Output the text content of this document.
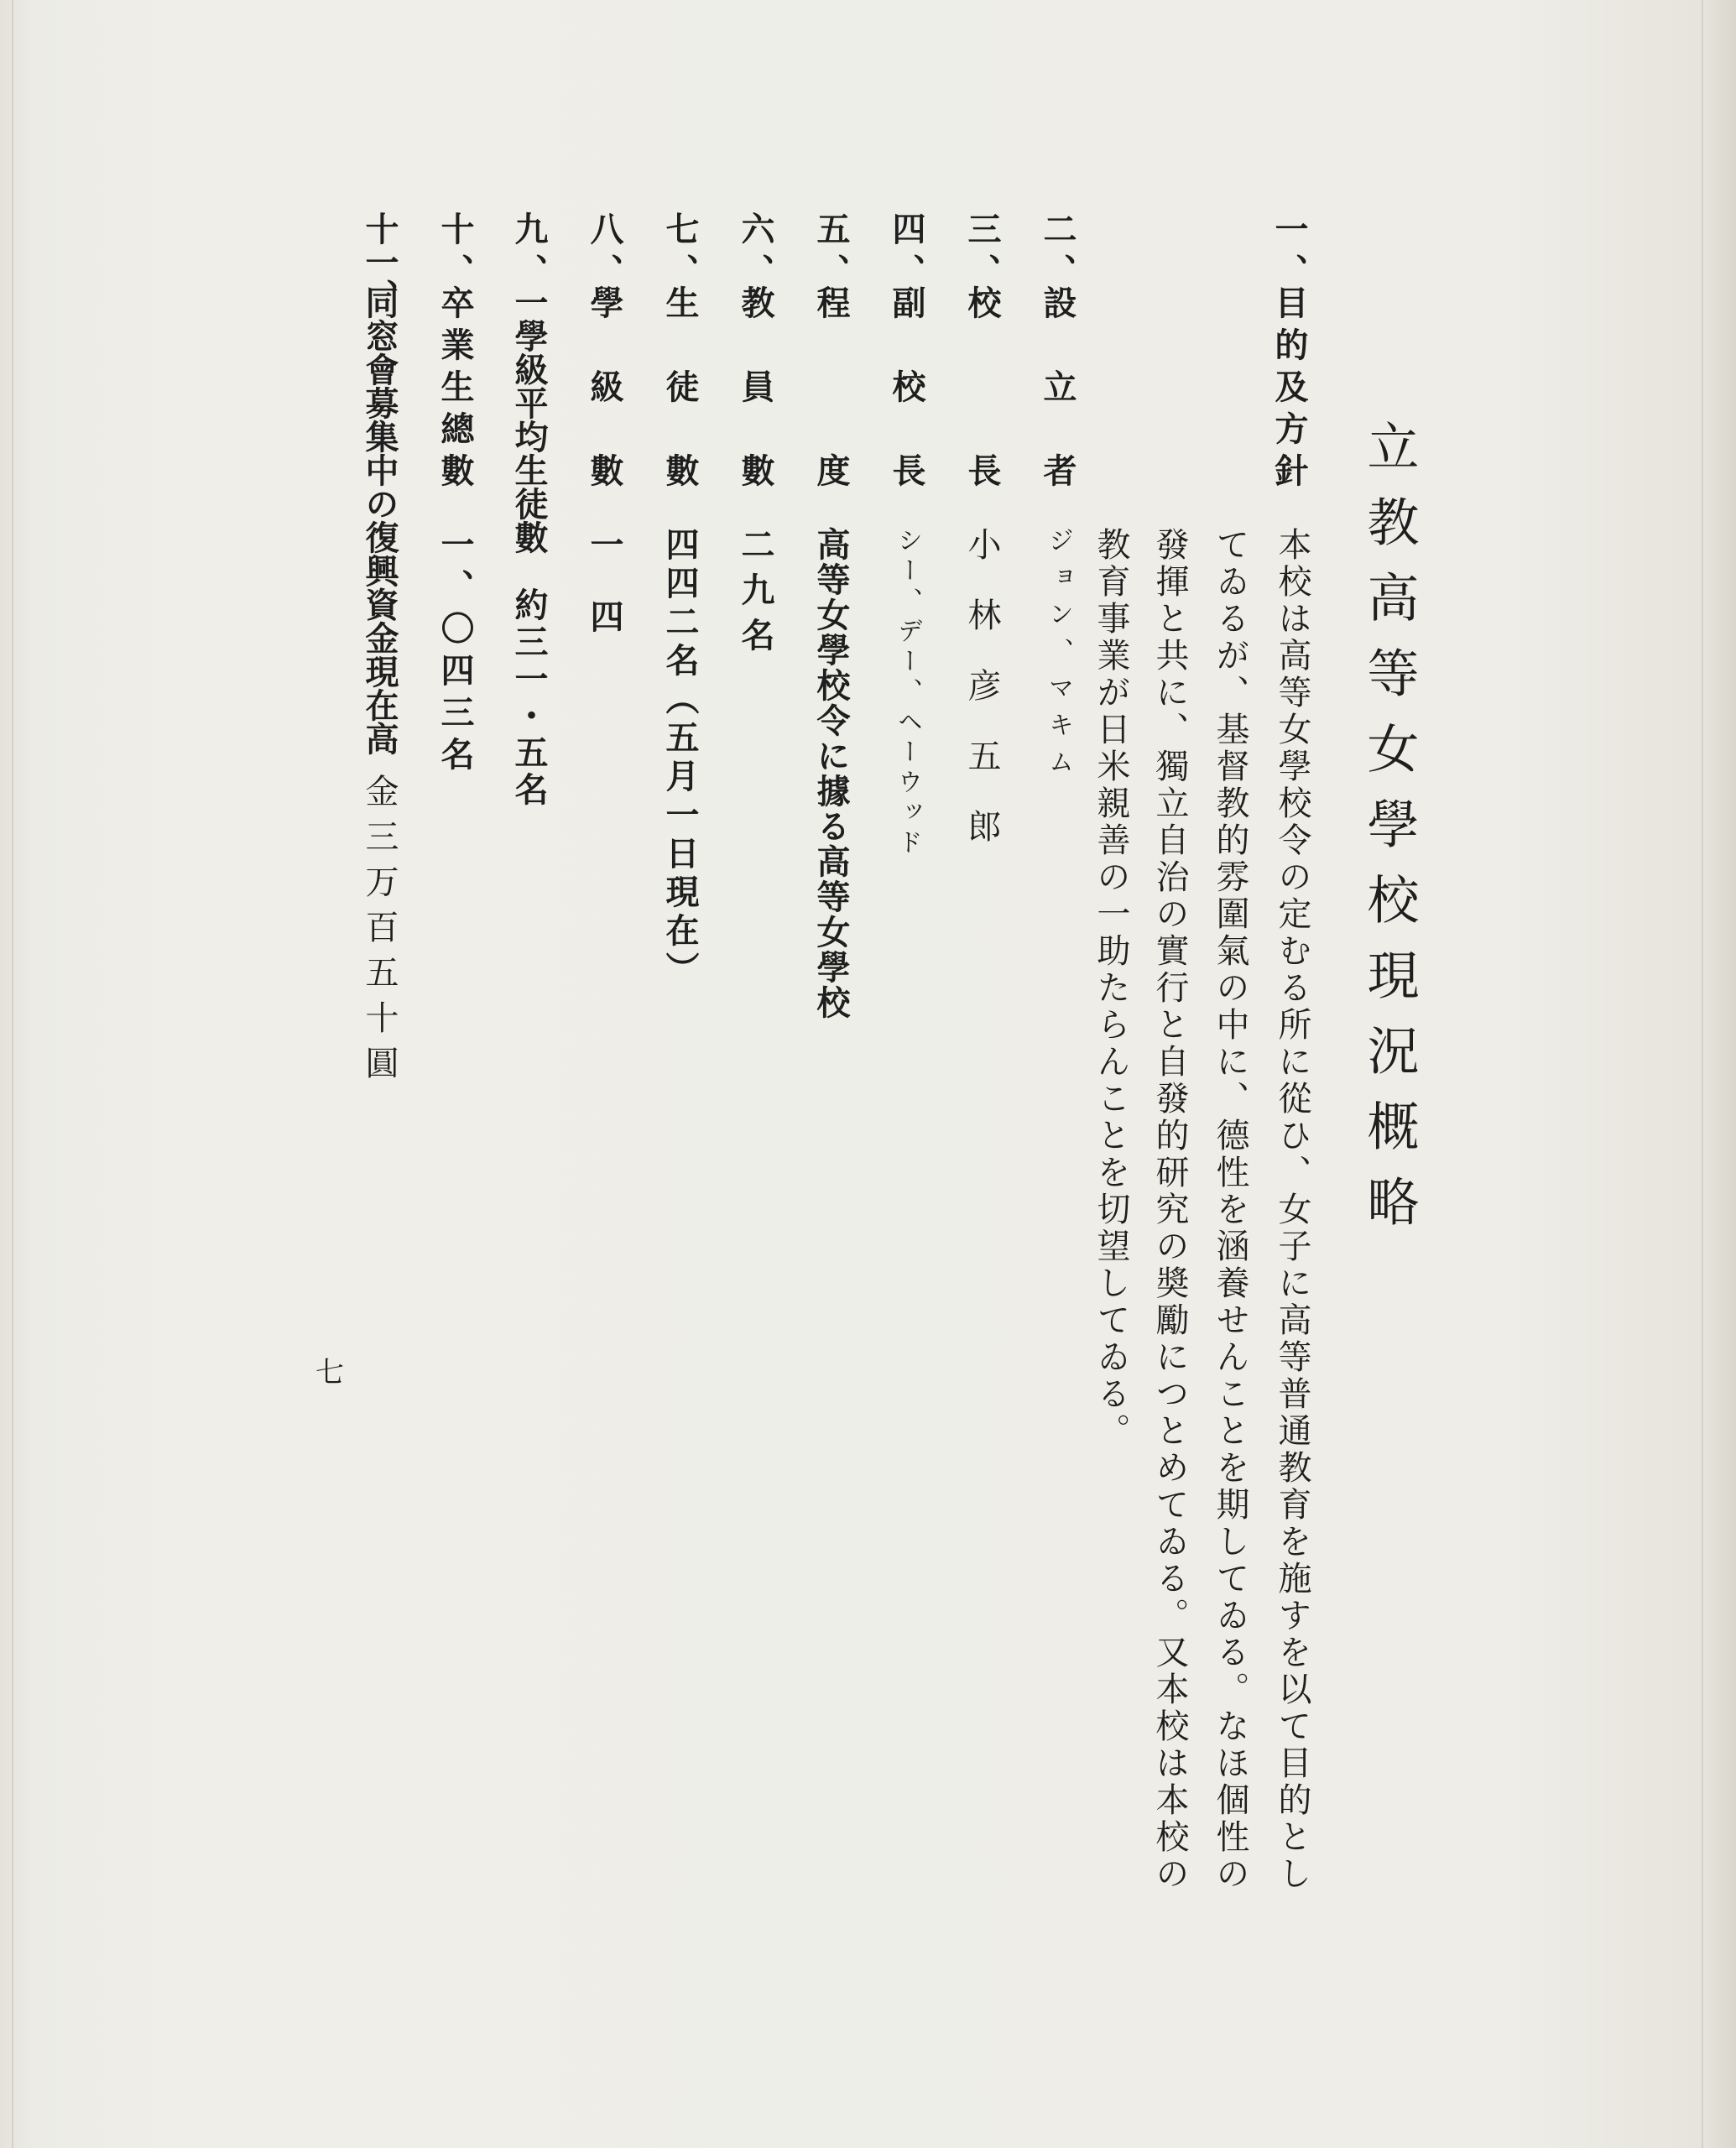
立教高等女學校現況概略
本校は高等女學校令の定むる所に從ひ、女子に高等普通教育を施すを以て目的とし
てゐるが、基督教的雰圍氣の中に、德性を涵養せんことを期してゐる。なほ個性の
發揮と共に、獨立自治の實行と自發的研究の奬勵につとめてゐる。又本校は本校の
教育事業が日米親善の一助たらんことを切望してゐる。
一、
目的及方針
二、
設　立　者
ジョン、マキム
三、
校　　　長
小林彦五郎
四、
副　校　長
シー、デー、ヘーウッド
五、
程　　　度
高等女學校令に據る高等女學校
六、
教　員　數
二九名
七、
生　徒　數
四四二名（五月一日現在）
八、
學　級　數
一四
九、
一學級平均生徒數
約三一・五名
十、
卒業生總數
一、〇四三名
十一、
同窓會募集中の復興資金現在高
金三万百五十圓
七
